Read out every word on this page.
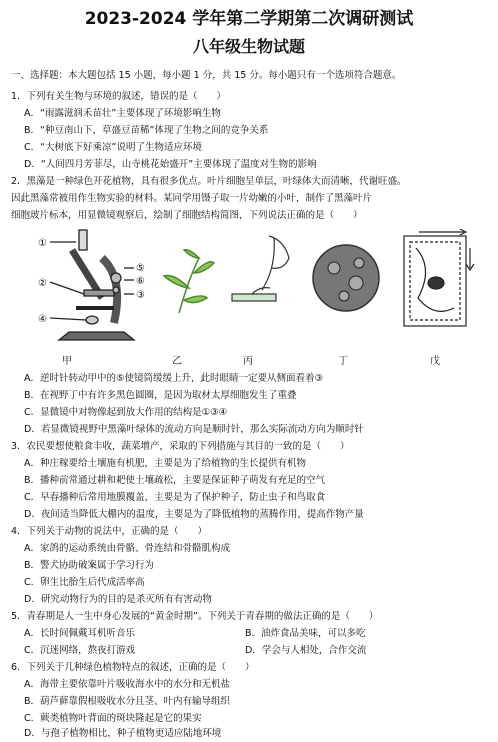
2023-2024 学年第二学期第二次调研测试
八年级生物试题
一、选择题：本大题包括 15 小题，每小题 1 分，共 15 分。每小题只有一个选项符合题意。
1．下列有关生物与环境的叙述，错误的是（　　）
A．“雨露滋润禾苗壮”主要体现了环境影响生物
B．“种豆南山下，草盛豆苗稀”体现了生物之间的竞争关系
C．“大树底下好乘凉”说明了生物适应环境
D．“人间四月芳菲尽，山寺桃花始盛开”主要体现了温度对生物的影响
2．黑藻是一种绿色开花植物，具有很多优点。叶片细胞呈单层，叶绿体大而清晰，代谢旺盛。
因此黑藻常被用作生物实验的材料。某同学用镊子取一片幼嫩的小叶，制作了黑藻叶片
细胞玻片标本，用显微镜观察后，绘制了细胞结构简图，下列说法正确的是（　　）
⑤
⑥
③
①
②
④
甲	乙	丙	丁	戊
A．逆时针转动甲中的⑤使镜筒缓缓上升，此时眼睛一定要从侧面看着③
B．在视野丁中有许多黑色圆圈，是因为取材太厚细胞发生了重叠
C．显微镜中对物像起到放大作用的结构是①③④
D．若显微镜视野中黑藻叶绿体的流动方向是顺时针，那么实际流动方向为顺时针
3．农民要想使粮食丰收，蔬菜增产，采取的下列措施与其目的一致的是（　　）
A．种庄稼要给土壤施有机肥，主要是为了给植物的生长提供有机物
B．播种前常通过耕和耙使土壤疏松，主要是保证种子萌发有充足的空气
C．早春播种后常用地膜覆盖，主要是为了保护种子，防止虫子和鸟取食
D．夜间适当降低大棚内的温度，主要是为了降低植物的蒸腾作用，提高作物产量
4．下列关于动物的说法中，正确的是（　　）
A．家鸽的运动系统由骨骼、骨连结和骨骼肌构成
B．警犬协助破案属于学习行为
C．卵生比胎生后代成活率高
D．研究动物行为的目的是杀灭所有有害动物
5．青春期是人一生中身心发展的“黄金时期”。下列关于青春期的做法正确的是（　　）
A．长时间佩戴耳机听音乐	B．油炸食品美味，可以多吃
C．沉迷网络，熬夜打游戏	D．学会与人相处，合作交流
6．下列关于几种绿色植物特点的叙述，正确的是（　　）
A．海带主要依靠叶片吸收海水中的水分和无机盐
B．葫芦藓靠假根吸收水分且茎、叶内有输导组织
C．蕨类植物叶背面的斑块隆起是它的果实
D．与孢子植物相比，种子植物更适应陆地环境
